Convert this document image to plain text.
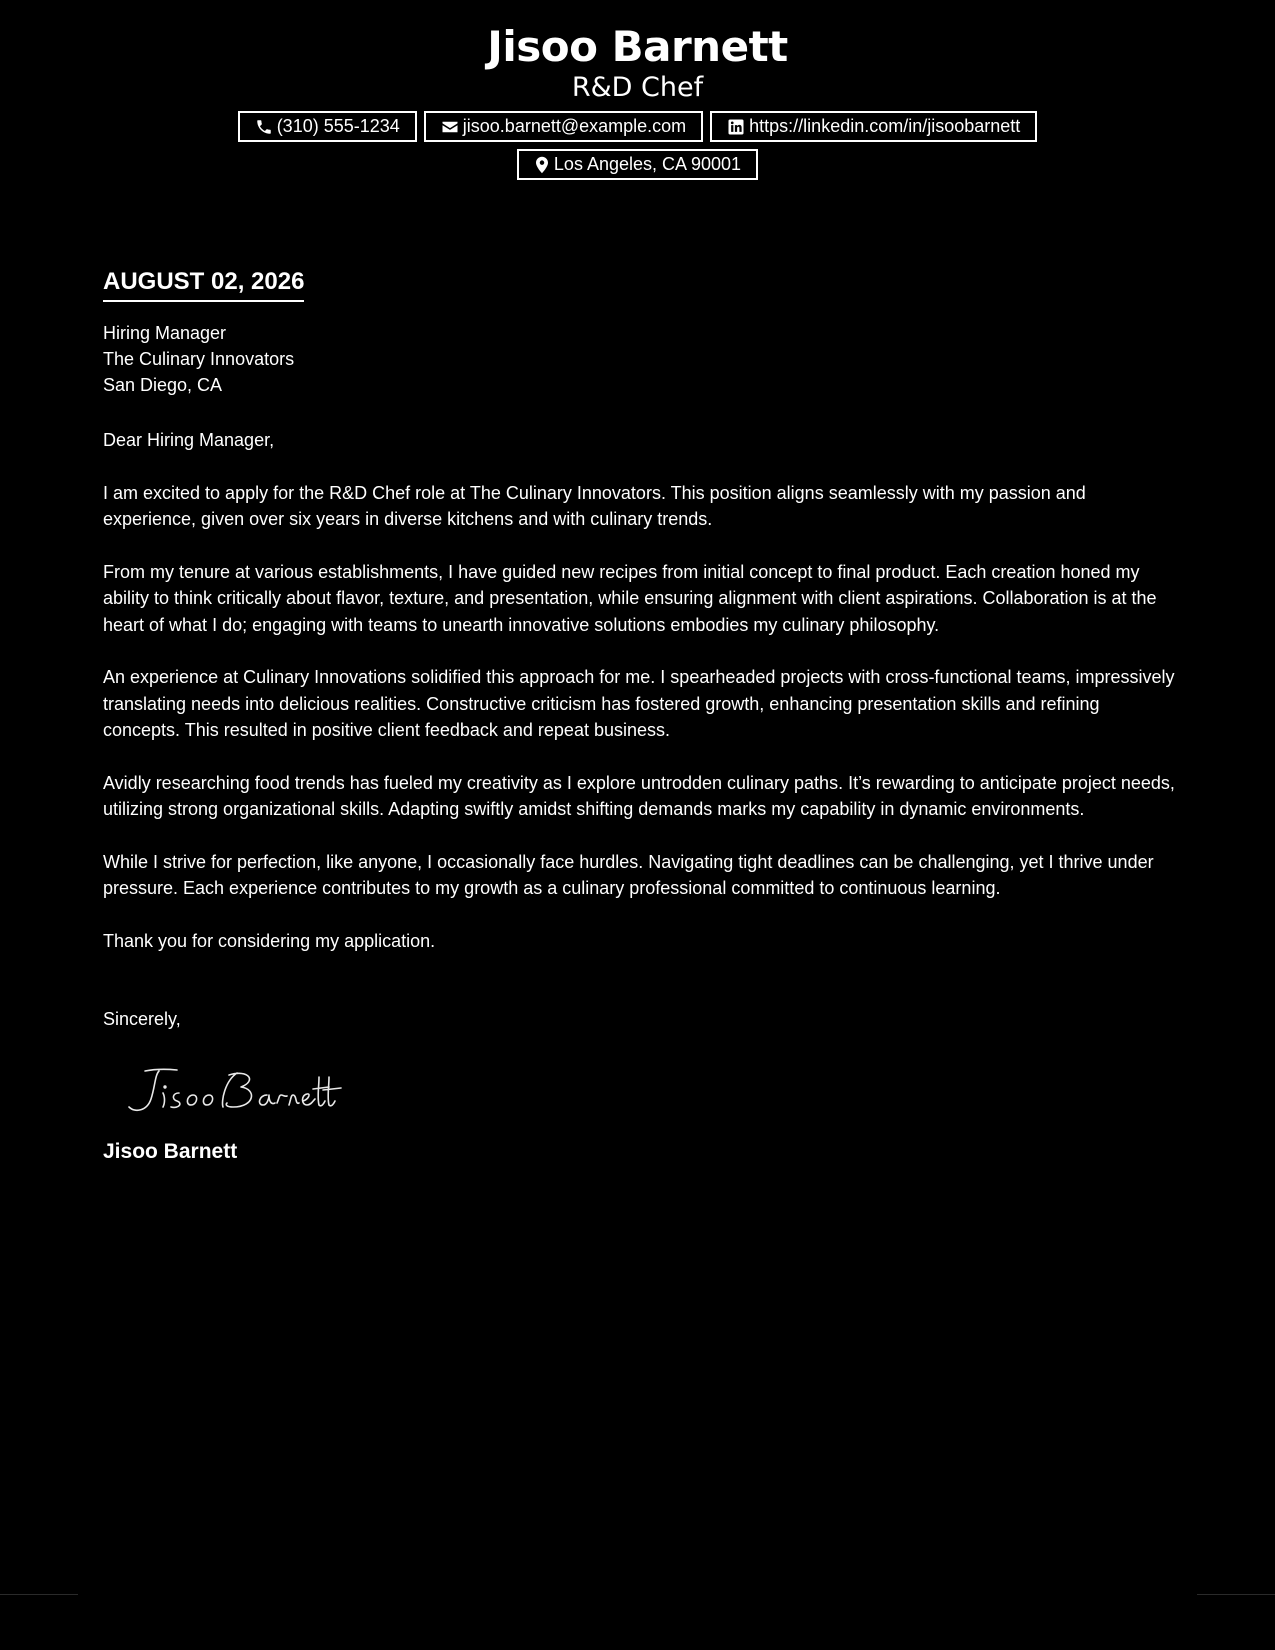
Jisoo Barnett
R&D Chef
(310) 555-1234	jisoo.barnett@example.com	https://linkedin.com/in/jisoobarnett
Los Angeles, CA 90001
AUGUST 02, 2026
Hiring Manager
The Culinary Innovators
San Diego, CA
Dear Hiring Manager,

I am excited to apply for the R&D Chef role at The Culinary Innovators. This position aligns seamlessly with my passion and experience, given over six years in diverse kitchens and with culinary trends.

From my tenure at various establishments, I have guided new recipes from initial concept to final product. Each creation honed my ability to think critically about flavor, texture, and presentation, while ensuring alignment with client aspirations. Collaboration is at the heart of what I do; engaging with teams to unearth innovative solutions embodies my culinary philosophy.

An experience at Culinary Innovations solidified this approach for me. I spearheaded projects with cross-functional teams, impressively translating needs into delicious realities. Constructive criticism has fostered growth, enhancing presentation skills and refining concepts. This resulted in positive client feedback and repeat business.

Avidly researching food trends has fueled my creativity as I explore untrodden culinary paths. It’s rewarding to anticipate project needs, utilizing strong organizational skills. Adapting swiftly amidst shifting demands marks my capability in dynamic environments.

While I strive for perfection, like anyone, I occasionally face hurdles. Navigating tight deadlines can be challenging, yet I thrive under pressure. Each experience contributes to my growth as a culinary professional committed to continuous learning.

Thank you for considering my application.

Sincerely,
Jisoo Barnett
